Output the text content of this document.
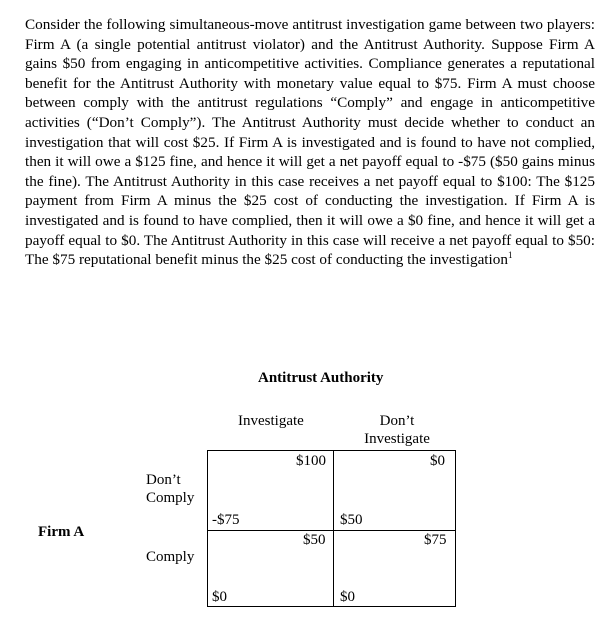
Consider the following simultaneous-move antitrust investigation game between two players: Firm A (a single potential antitrust violator) and the Antitrust Authority. Suppose Firm A gains $50 from engaging in anticompetitive activities. Compliance generates a reputational benefit for the Antitrust Authority with monetary value equal to $75. Firm A must choose between comply with the antitrust regulations “Comply” and engage in anticompetitive activities (“Don’t Comply”). The Antitrust Authority must decide whether to conduct an investigation that will cost $25. If Firm A is investigated and is found to have not complied, then it will owe a $125 fine, and hence it will get a net payoff equal to -$75 ($50 gains minus the fine). The Antitrust Authority in this case receives a net payoff equal to $100: The $125 payment from Firm A minus the $25 cost of conducting the investigation. If Firm A is investigated and is found to have complied, then it will owe a $0 fine, and hence it will get a payoff equal to $0. The Antitrust Authority in this case will receive a net payoff equal to $50: The $75 reputational benefit minus the $25 cost of conducting the investigation$^1$

Antitrust Authority
Investigate	Don’t Investigate
Don’t Comply
Comply
Firm A
$100
-$75
$0
$50
$50
$0
$75
$0
